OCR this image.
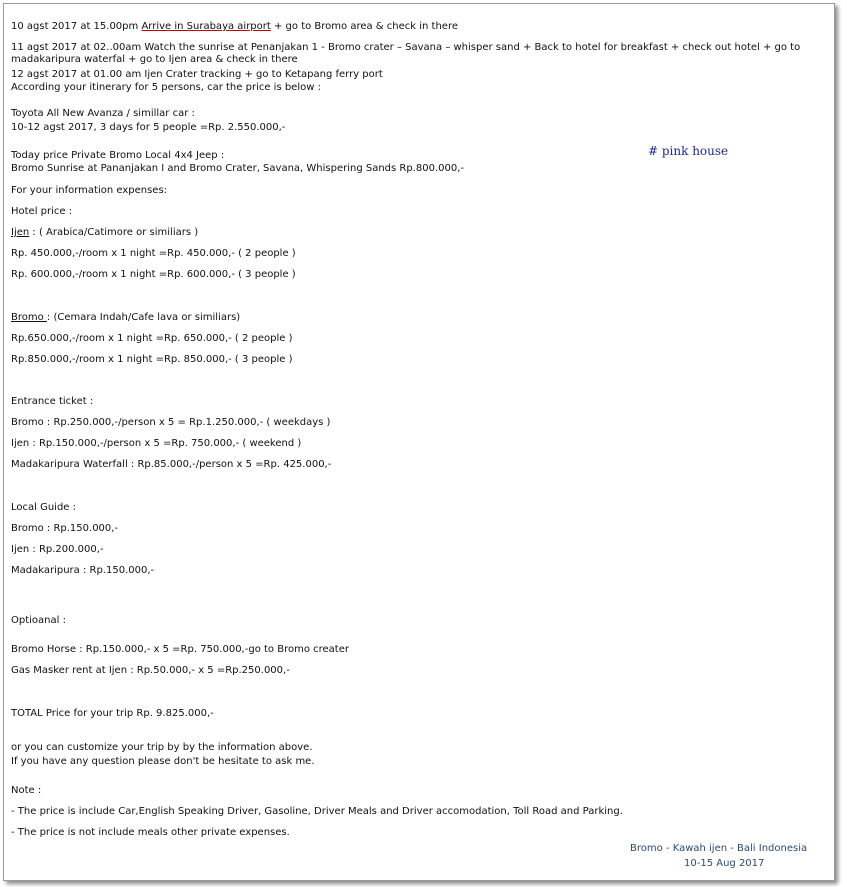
10 agst 2017 at 15.00pm Arrive in Surabaya airport + go to Bromo area & check in there
11 agst 2017 at 02..00am Watch the sunrise at Penanjakan 1 - Bromo crater – Savana – whisper sand + Back to hotel for breakfast + check out hotel + go to madakaripura waterfal + go to Ijen area & check in there
12 agst 2017 at 01.00 am Ijen Crater tracking + go to Ketapang ferry port
According your itinerary for 5 persons, car the price is below :
Toyota All New Avanza / simillar car :
10-12 agst 2017, 3 days for 5 people =Rp. 2.550.000,-
Today price Private Bromo Local 4x4 Jeep :
Bromo Sunrise at Pananjakan I and Bromo Crater, Savana, Whispering Sands Rp.800.000,-
# pink house
For your information expenses:
Hotel price :
Ijen : ( Arabica/Catimore or similiars )
Rp. 450.000,-/room x 1 night =Rp. 450.000,- ( 2 people )
Rp. 600.000,-/room x 1 night =Rp. 600.000,- ( 3 people )
Bromo : (Cemara Indah/Cafe lava or similiars)
Rp.650.000,-/room x 1 night =Rp. 650.000,- ( 2 people )
Rp.850.000,-/room x 1 night =Rp. 850.000,- ( 3 people )
Entrance ticket :
Bromo : Rp.250.000,-/person x 5 = Rp.1.250.000,- ( weekdays )
Ijen : Rp.150.000,-/person x 5 =Rp. 750.000,- ( weekend )
Madakaripura Waterfall : Rp.85.000,-/person x 5 =Rp. 425.000,-
Local Guide :
Bromo : Rp.150.000,-
Ijen : Rp.200.000,-
Madakaripura : Rp.150.000,-
Optioanal :
Bromo Horse : Rp.150.000,- x 5 =Rp. 750.000,-go to Bromo creater
Gas Masker rent at Ijen : Rp.50.000,- x 5 =Rp.250.000,-
TOTAL Price for your trip Rp. 9.825.000,-
or you can customize your trip by by the information above.
If you have any question please don't be hesitate to ask me.
Note :
- The price is include Car,English Speaking Driver, Gasoline, Driver Meals and Driver accomodation, Toll Road and Parking.
- The price is not include meals other private expenses.
Bromo - Kawah ijen - Bali Indonesia
10-15 Aug 2017
